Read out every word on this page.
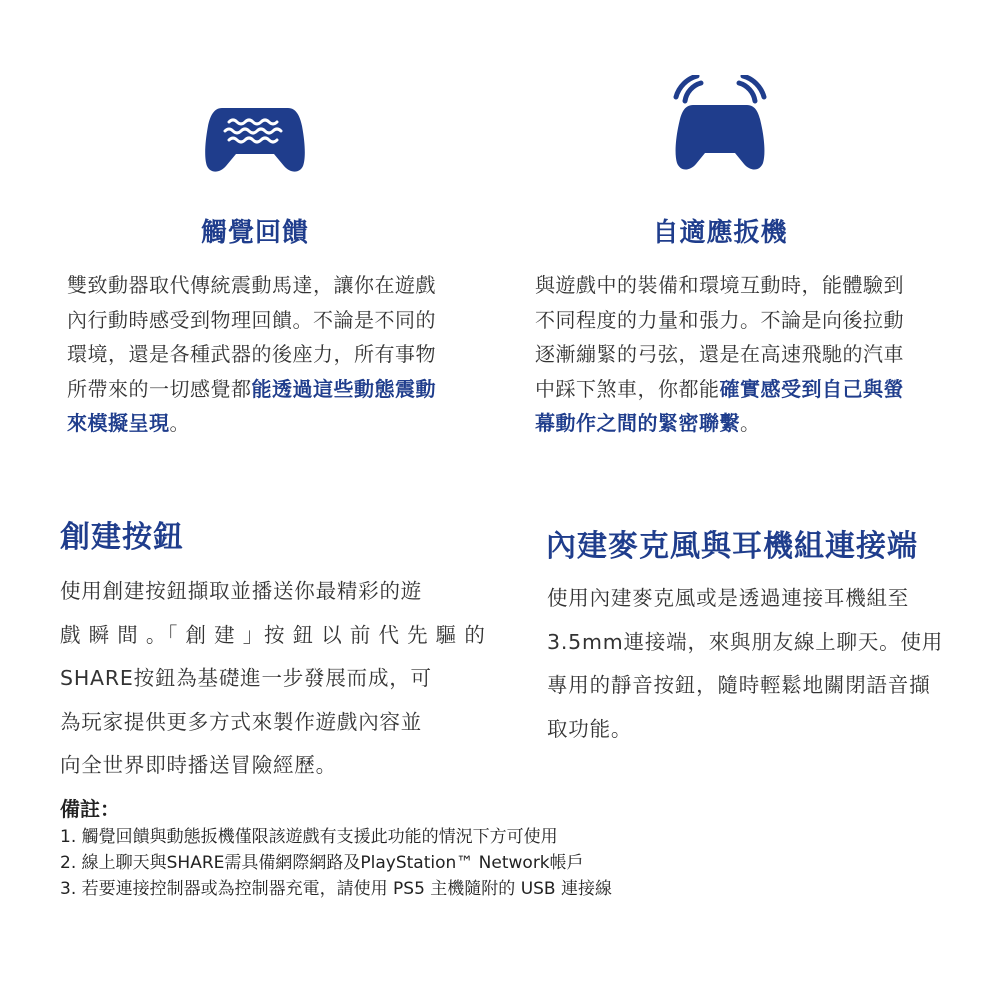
觸覺回饋
雙致動器取代傳統震動馬達，讓你在遊戲
內行動時感受到物理回饋。不論是不同的
環境，還是各種武器的後座力，所有事物
所帶來的一切感覺都能透過這些動態震動
來模擬呈現。
自適應扳機
與遊戲中的裝備和環境互動時，能體驗到
不同程度的力量和張力。不論是向後拉動
逐漸繃緊的弓弦，還是在高速飛馳的汽車
中踩下煞車，你都能確實感受到自己與螢
幕動作之間的緊密聯繫。
創建按鈕
使用創建按鈕擷取並播送你最精彩的遊
戲 瞬 間 。「 創 建 」按 鈕 以 前 代 先 驅 的
SHARE按鈕為基礎進一步發展而成，可
為玩家提供更多方式來製作遊戲內容並
向全世界即時播送冒險經歷。
內建麥克風與耳機組連接端
使用內建麥克風或是透過連接耳機組至
3.5mm連接端，來與朋友線上聊天。使用
專用的靜音按鈕，隨時輕鬆地關閉語音擷
取功能。
備註：
1. 觸覺回饋與動態扳機僅限該遊戲有支援此功能的情況下方可使用
2. 線上聊天與SHARE需具備網際網路及PlayStation™ Network帳戶
3. 若要連接控制器或為控制器充電，請使用 PS5 主機隨附的 USB 連接線
